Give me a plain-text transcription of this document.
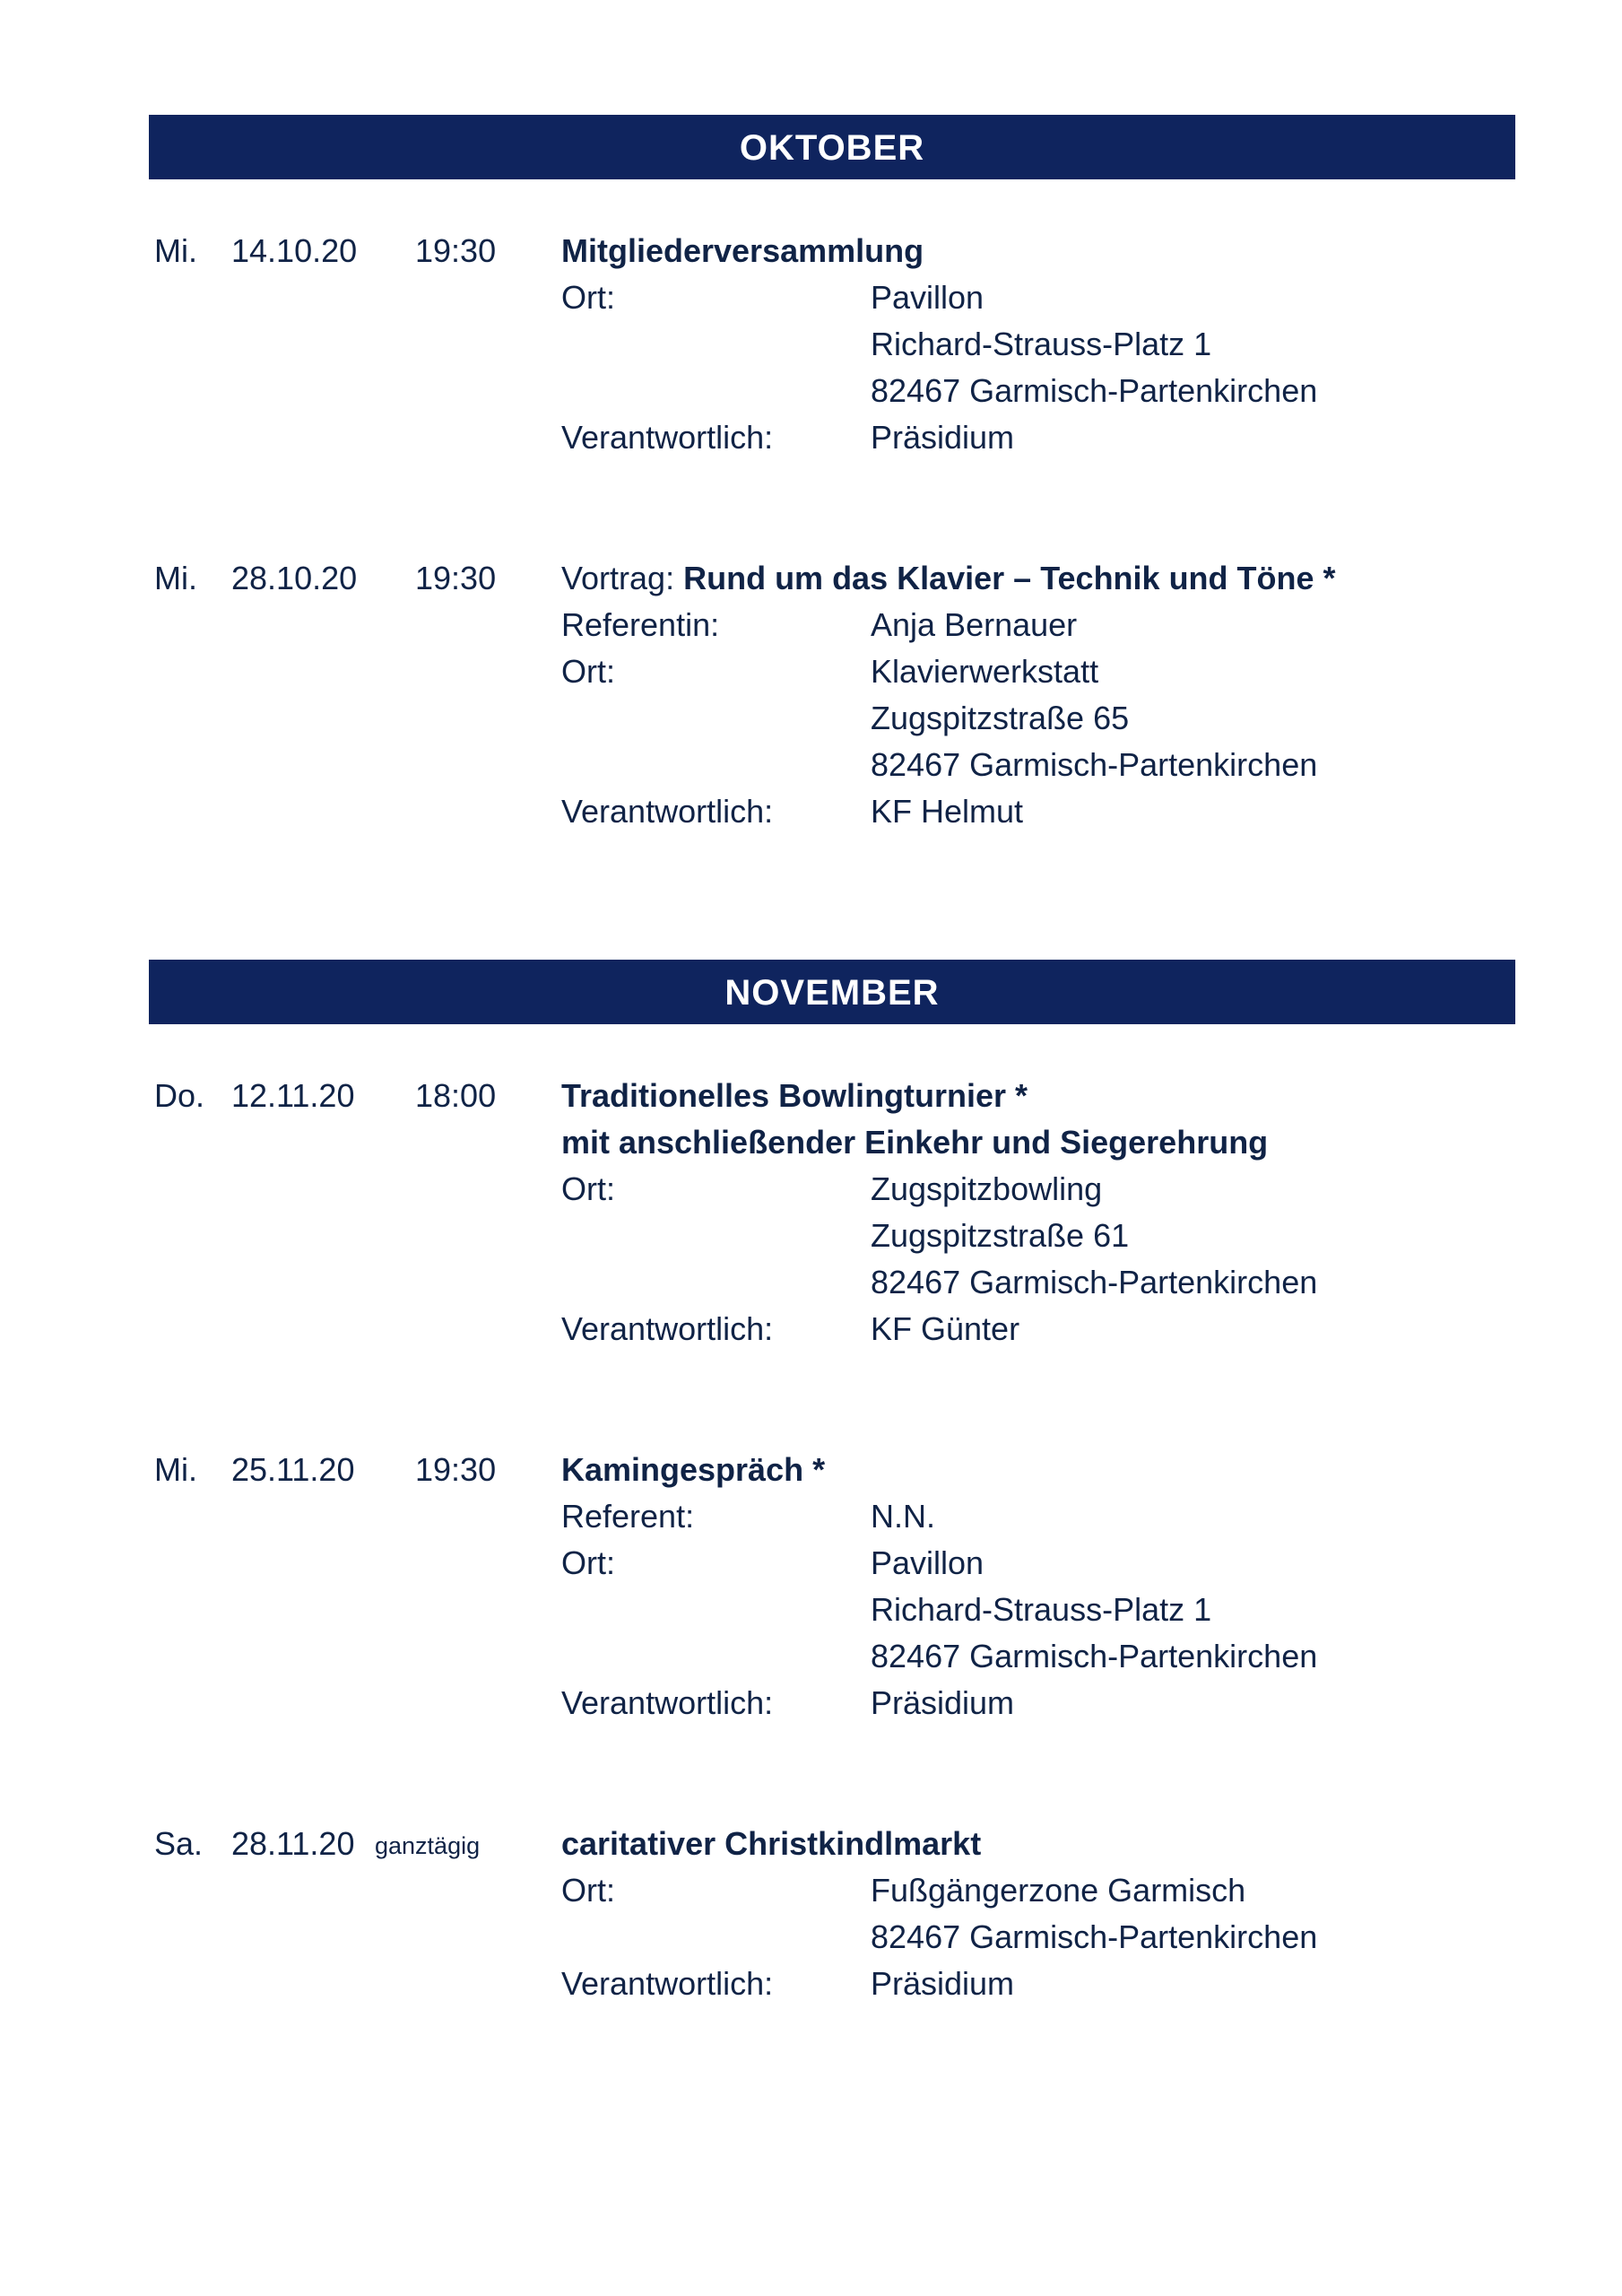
OKTOBER
Mi. 14.10.20 19:30 Mitgliederversammlung
Ort:	Pavillon
Richard-Strauss-Platz 1
82467 Garmisch-Partenkirchen
Verantwortlich:	Präsidium
Mi. 28.10.20 19:30 Vortrag: Rund um das Klavier – Technik und Töne *
Referentin:	Anja Bernauer
Ort:	Klavierwerkstatt
Zugspitzstraße 65
82467 Garmisch-Partenkirchen
Verantwortlich:	KF Helmut
NOVEMBER
Do. 12.11.20 18:00 Traditionelles Bowlingturnier *
mit anschließender Einkehr und Siegerehrung
Ort:	Zugspitzbowling
Zugspitzstraße 61
82467 Garmisch-Partenkirchen
Verantwortlich:	KF Günter
Mi. 25.11.20 19:30 Kamingespräch *
Referent:	N.N.
Ort:	Pavillon
Richard-Strauss-Platz 1
82467 Garmisch-Partenkirchen
Verantwortlich:	Präsidium
Sa. 28.11.20 ganztägig	caritativer Christkindlmarkt
Ort:	Fußgängerzone Garmisch
82467 Garmisch-Partenkirchen
Verantwortlich:	Präsidium
